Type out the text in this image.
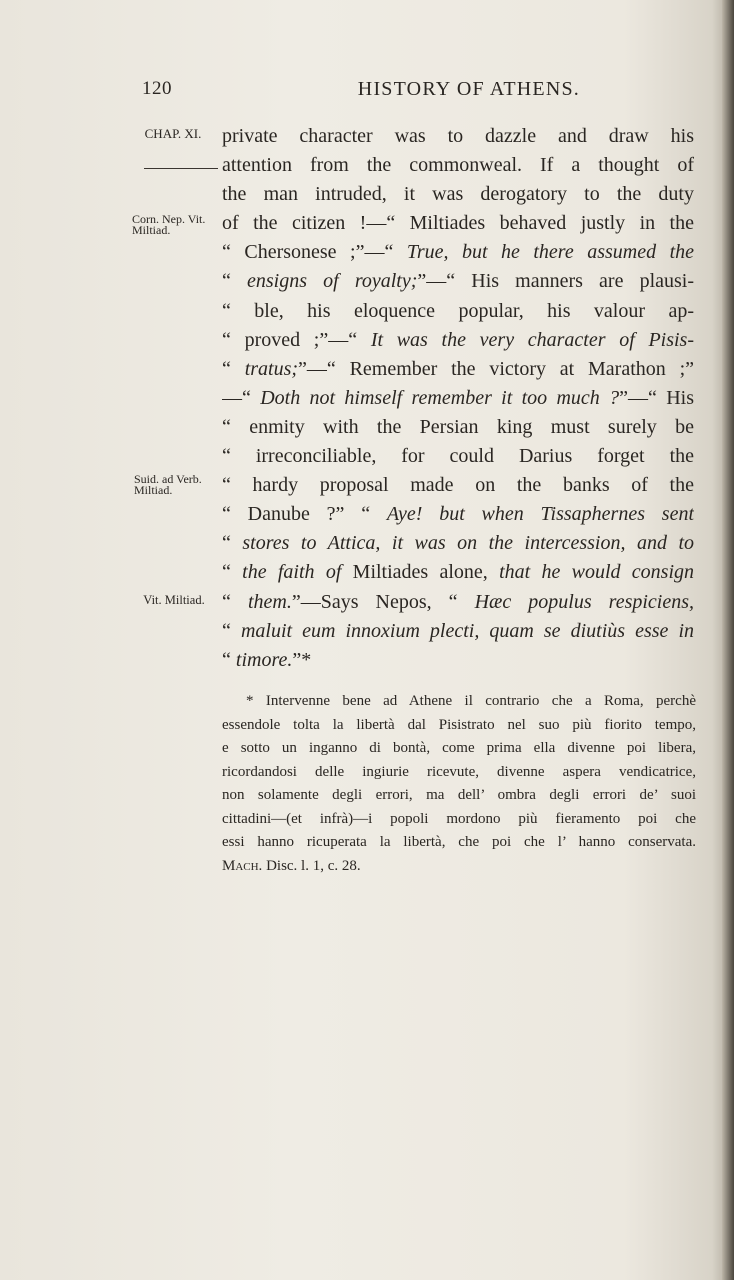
120	HISTORY OF ATHENS.
CHAP. XI.
Corn. Nep. Vit. Miltiad.
Suid. ad Verb. Miltiad.
Vit. Miltiad.
private character was to dazzle and draw his
attention from the commonweal. If a thought of
the man intruded, it was derogatory to the duty
of the citizen !—“ Miltiades behaved justly in the
“ Chersonese ;”—“ True, but he there assumed the
“ ensigns of royalty;”—“ His manners are plausi-
“ ble, his eloquence popular, his valour ap-
“ proved ;”—“ It was the very character of Pisis-
“ tratus;”—“ Remember the victory at Marathon ;”
—“ Doth not himself remember it too much ?”—“ His
“ enmity with the Persian king must surely be
“ irreconciliable, for could Darius forget the
“ hardy proposal made on the banks of the
“ Danube ?” “ Aye! but when Tissaphernes sent
“ stores to Attica, it was on the intercession, and to
“ the faith of Miltiades alone, that he would consign
“ them.”—Says Nepos, “ Hæc populus respiciens,
“ maluit eum innoxium plecti, quam se diutiùs esse in
“ timore.”*
* Intervenne bene ad Athene il contrario che a Roma, perchè
essendole tolta la libertà dal Pisistrato nel suo più fiorito tempo,
e sotto un inganno di bontà, come prima ella divenne poi libera,
ricordandosi delle ingiurie ricevute, divenne aspera vendicatrice,
non solamente degli errori, ma dell’ ombra degli errori de’ suoi
cittadini—(et infrà)—i popoli mordono più fieramento poi che
essi hanno ricuperata la libertà, che poi che l’ hanno conservata.
Mach. Disc. l. 1, c. 28.
